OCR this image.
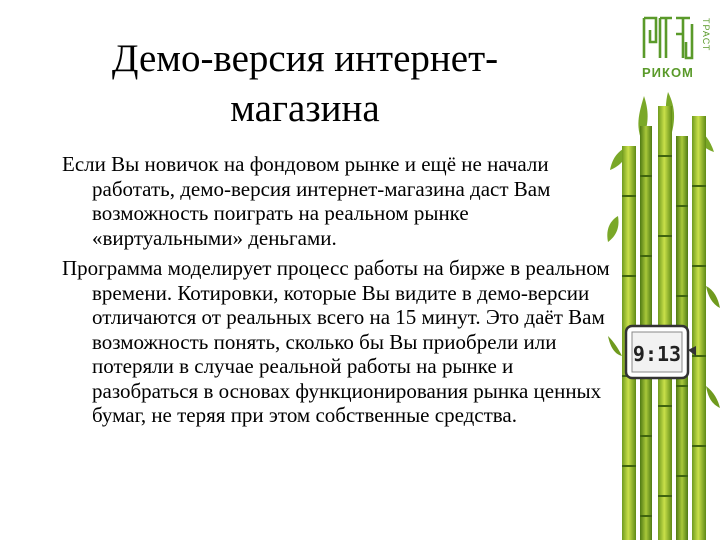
Демо-версия интернет-магазина

Если Вы новичок на фондовом рынке и ещё не начали работать, демо-версия интернет-магазина даст Вам возможность поиграть на реальном рынке «виртуальными» деньгами.

Программа моделирует процесс работы на бирже в реальном времени. Котировки, которые Вы видите в демо-версии отличаются от реальных всего на 15 минут. Это даёт Вам возможность понять, сколько бы Вы приобрели или потеряли в случае реальной работы на рынке и разобраться в основах функционирования рынка ценных бумаг, не теряя при этом собственные средства.

РИКОМ
ТРАСТ
9:13
